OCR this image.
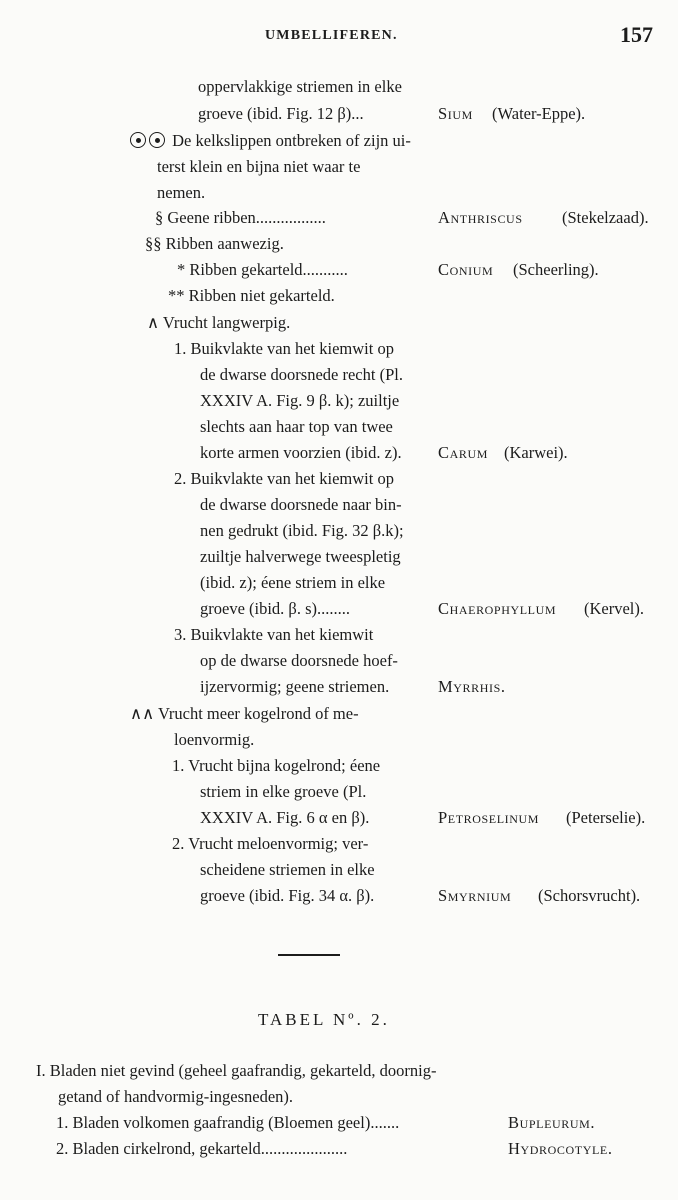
UMBELLIFEREN.	157
oppervlakkige striemen in elke
groeve (ibid. Fig. 12 β)...	Sium (Water-Eppe).
De kelkslippen ontbreken of zijn ui-
terst klein en bijna niet waar te
nemen.
§ Geene ribben.................	Anthriscus (Stekelzaad).
§§ Ribben aanwezig.
* Ribben gekarteld...........	Conium (Scheerling).
** Ribben niet gekarteld.
∧ Vrucht langwerpig.
1. Buikvlakte van het kiemwit op
de dwarse doorsnede recht (Pl.
XXXIV A. Fig. 9 β. k); zuiltje
slechts aan haar top van twee
korte armen voorzien (ibid. z). Carum (Karwei).
2. Buikvlakte van het kiemwit op
de dwarse doorsnede naar bin-
nen gedrukt (ibid. Fig. 32 β.k);
zuiltje halverwege tweespletig
(ibid. z); éene striem in elke
groeve (ibid. β. s)........	Chaerophyllum (Kervel).
3. Buikvlakte van het kiemwit
op de dwarse doorsnede hoef-
ijzervormig; geene striemen.	Myrrhis.
∧∧ Vrucht meer kogelrond of me-
loenvormig.
1. Vrucht bijna kogelrond; éene
striem in elke groeve (Pl.
XXXIV A. Fig. 6 α en β).	Petroselinum (Peterselie).
2. Vrucht meloenvormig; ver-
scheidene striemen in elke
groeve (ibid. Fig. 34 α. β).	Smyrnium (Schorsvrucht).
TABEL Nº. 2.
I. Bladen niet gevind (geheel gaafrandig, gekarteld, doornig-
getand of handvormig-ingesneden).
1. Bladen volkomen gaafrandig (Bloemen geel).......	Bupleurum.
2. Bladen cirkelrond, gekarteld.....................	Hydrocotyle.
